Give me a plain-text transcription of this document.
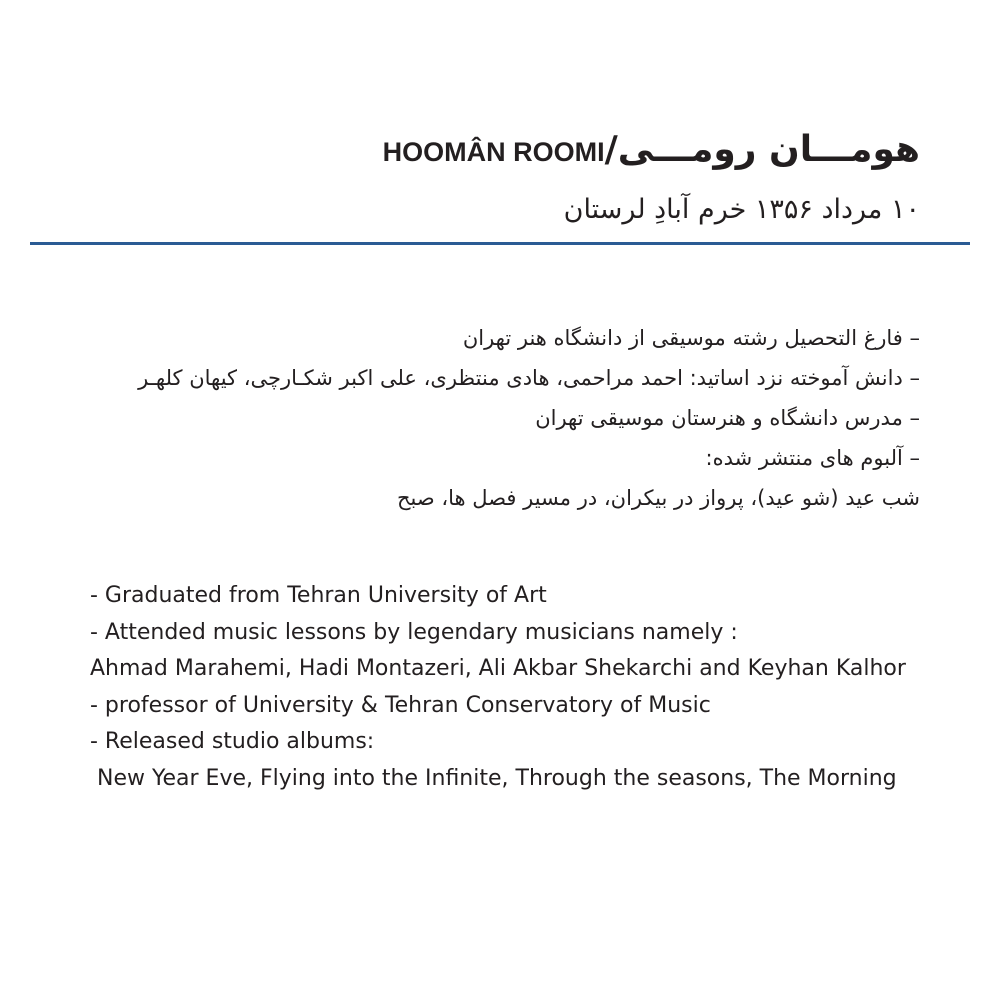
هومـــان رومـــی/HOOMÂN ROOMI
۱۰ مرداد ۱۳۵۶ خرم آبادِ لرستان
– فارغ التحصیل رشته موسیقی از دانشگاه هنر تهران
– دانش آموخته نزد اساتید: احمد مراحمی، هادی منتظری، علی اکبر شکـارچی، کیهان کلهـر
– مدرس دانشگاه و هنرستان موسیقی تهران
– آلبوم های منتشر شده:
شب عید (شو عید)، پرواز در بیکران، در مسیر فصل ها، صبح
- Graduated from Tehran University of Art
- Attended music lessons by legendary musicians namely :
Ahmad Marahemi, Hadi Montazeri, Ali Akbar Shekarchi and Keyhan Kalhor
- professor of University & Tehran Conservatory of Music
- Released studio albums:
New Year Eve, Flying into the Infinite, Through the seasons, The Morning
